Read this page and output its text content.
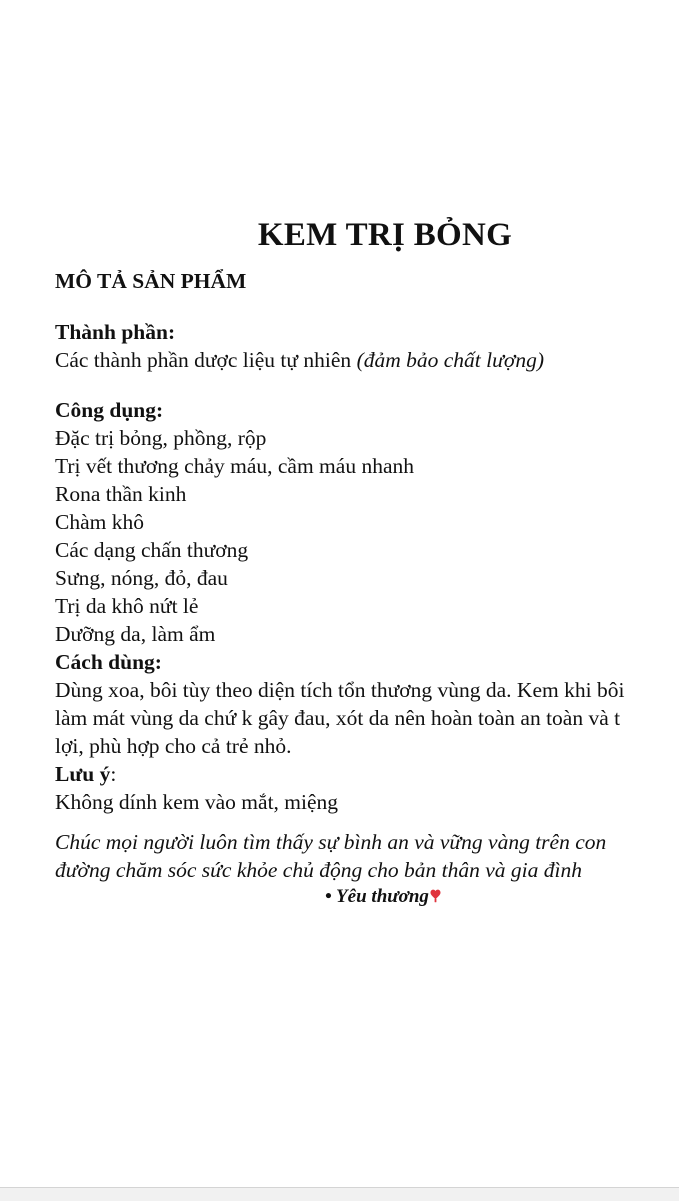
KEM TRỊ BỎNG
MÔ TẢ SẢN PHẨM
Thành phần:
Các thành phần dược liệu tự nhiên (đảm bảo chất lượng)
Công dụng:
Đặc trị bỏng, phồng, rộp
Trị vết thương chảy máu, cầm máu nhanh
Rona thần kinh
Chàm khô
Các dạng chấn thương
Sưng, nóng, đỏ, đau
Trị da khô nứt lẻ
Dưỡng da, làm ẩm
Cách dùng:
Dùng xoa, bôi tùy theo diện tích tổn thương vùng da. Kem khi bôi
làm mát vùng da chứ k gây đau, xót da nên hoàn toàn an toàn và t
lợi, phù hợp cho cả trẻ nhỏ.
Lưu ý:
Không dính kem vào mắt, miệng
Chúc mọi người luôn tìm thấy sự bình an và vững vàng trên con
đường chăm sóc sức khỏe chủ động cho bản thân và gia đình
• Yêu thương
